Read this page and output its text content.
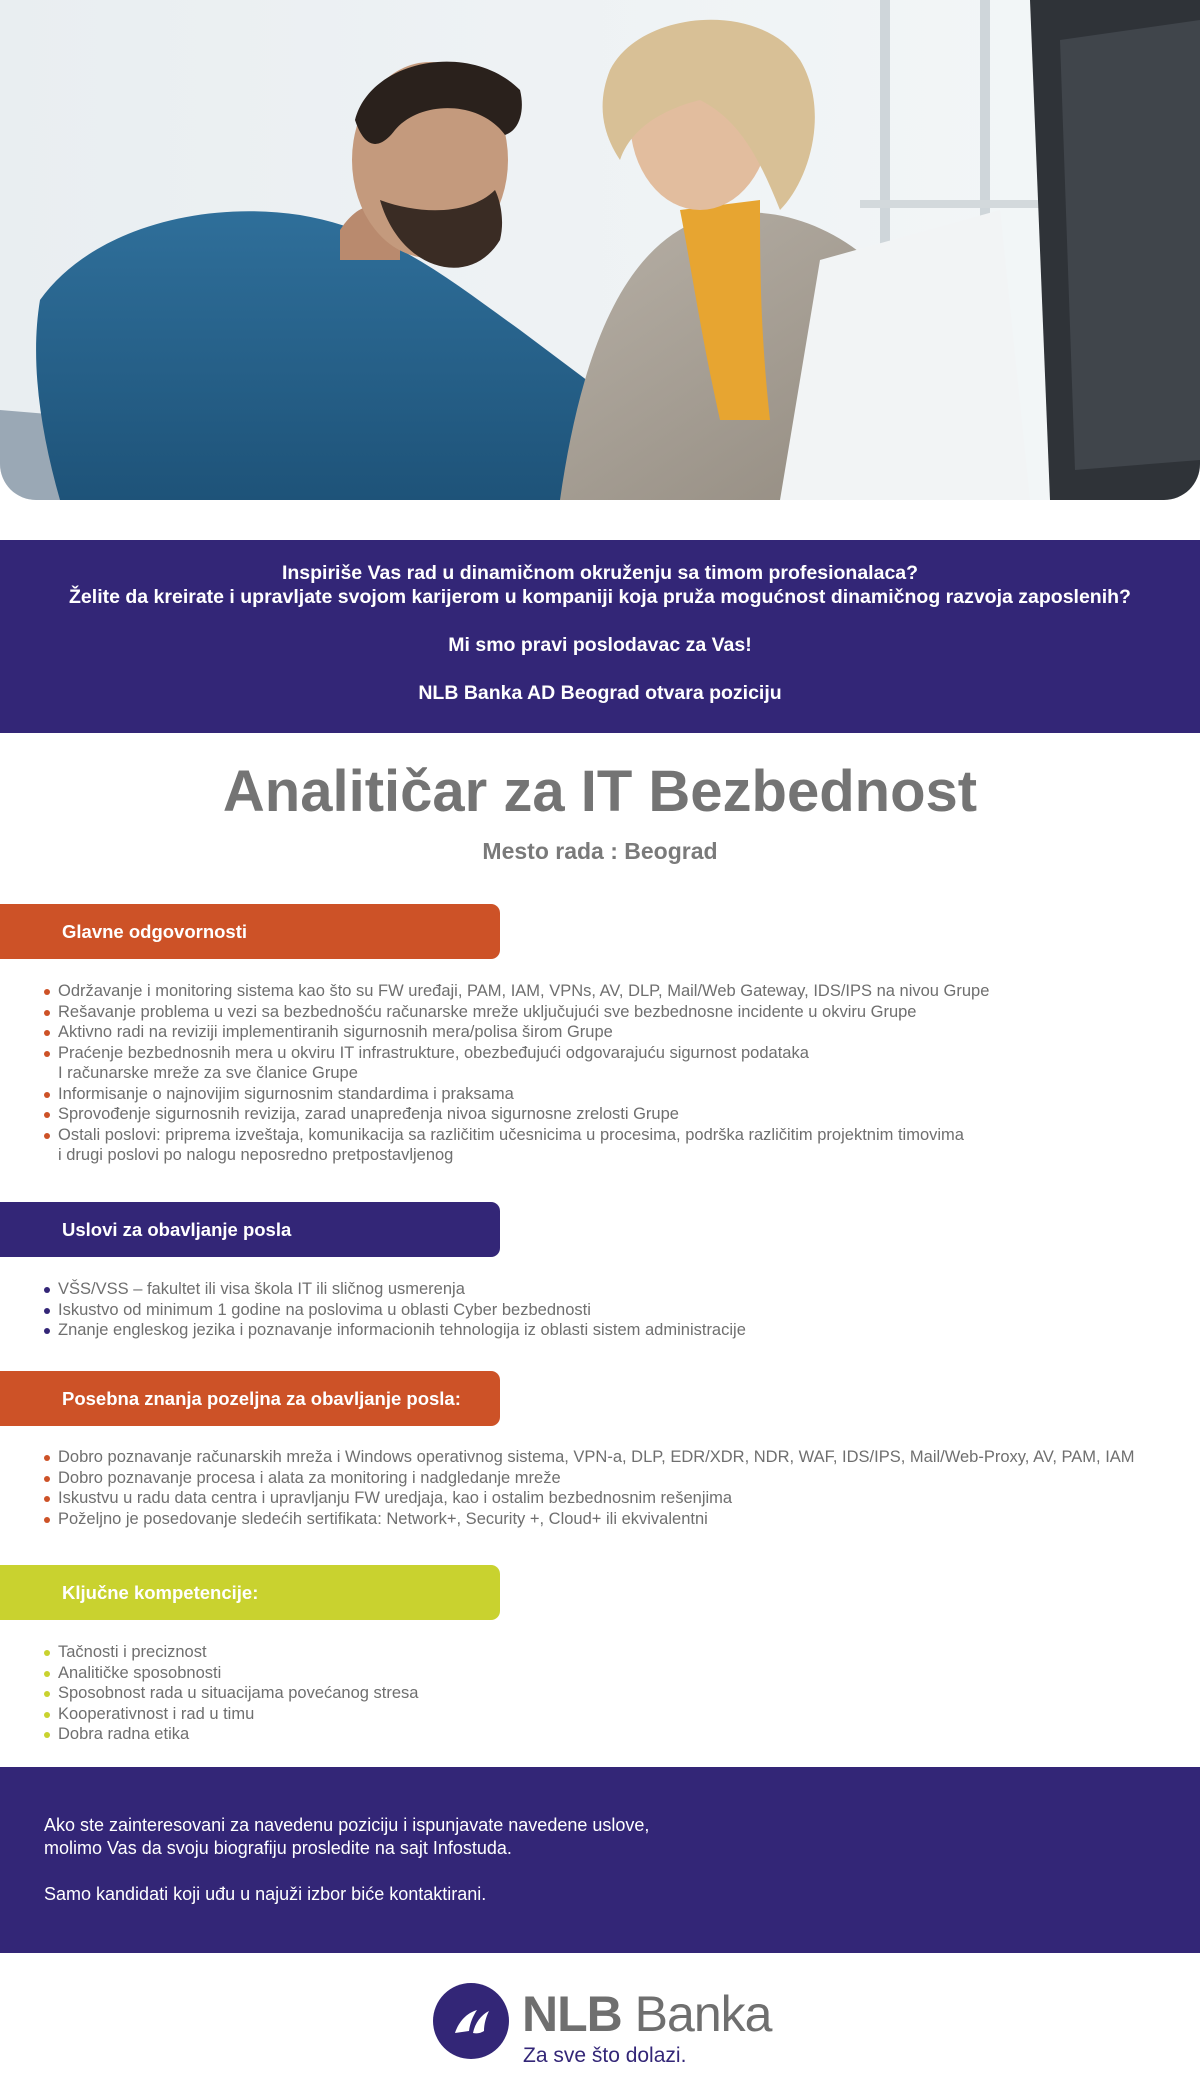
Inspiriše Vas rad u dinamičnom okruženju sa timom profesionalaca?
Želite da kreirate i upravljate svojom karijerom u kompaniji koja pruža mogućnost dinamičnog razvoja zaposlenih?
Mi smo pravi poslodavac za Vas!
NLB Banka AD Beograd otvara poziciju
Analitičar za IT Bezbednost
Mesto rada : Beograd
Glavne odgovornosti
Održavanje i monitoring sistema kao što su FW uređaji, PAM, IAM, VPNs, AV, DLP, Mail/Web Gateway, IDS/IPS na nivou Grupe
Rešavanje problema u vezi sa bezbednošću računarske mreže uključujući sve bezbednosne incidente u okviru Grupe
Aktivno radi na reviziji implementiranih sigurnosnih mera/polisa širom Grupe
Praćenje bezbednosnih mera u okviru IT infrastrukture, obezbeđujući odgovarajuću sigurnost podataka
I računarske mreže za sve članice Grupe
Informisanje o najnovijim sigurnosnim standardima i praksama
Sprovođenje sigurnosnih revizija, zarad unapređenja nivoa sigurnosne zrelosti Grupe
Ostali poslovi: priprema izveštaja, komunikacija sa različitim učesnicima u procesima, podrška različitim projektnim timovima
i drugi poslovi po nalogu neposredno pretpostavljenog
Uslovi za obavljanje posla
VŠS/VSS – fakultet ili visa škola IT ili sličnog usmerenja
Iskustvo od minimum 1 godine na poslovima u oblasti Cyber bezbednosti
Znanje engleskog jezika i poznavanje informacionih tehnologija iz oblasti sistem administracije
Posebna znanja pozeljna za obavljanje posla:
Dobro poznavanje računarskih mreža i Windows operativnog sistema, VPN-a, DLP, EDR/XDR, NDR, WAF, IDS/IPS, Mail/Web-Proxy, AV, PAM, IAM
Dobro poznavanje procesa i alata za monitoring i nadgledanje mreže
Iskustvu u radu data centra i upravljanju FW uredjaja, kao i ostalim bezbednosnim rešenjima
Poželjno je posedovanje sledećih sertifikata: Network+, Security +, Cloud+ ili ekvivalentni
Ključne kompetencije:
Tačnosti i preciznost
Analitičke sposobnosti
Sposobnost rada u situacijama povećanog stresa
Kooperativnost i rad u timu
Dobra radna etika
Ako ste zainteresovani za navedenu poziciju i ispunjavate navedene uslove,
molimo Vas da svoju biografiju prosledite na sajt Infostuda.
Samo kandidati koji uđu u najuži izbor biće kontaktirani.
NLB Banka
Za sve što dolazi.
